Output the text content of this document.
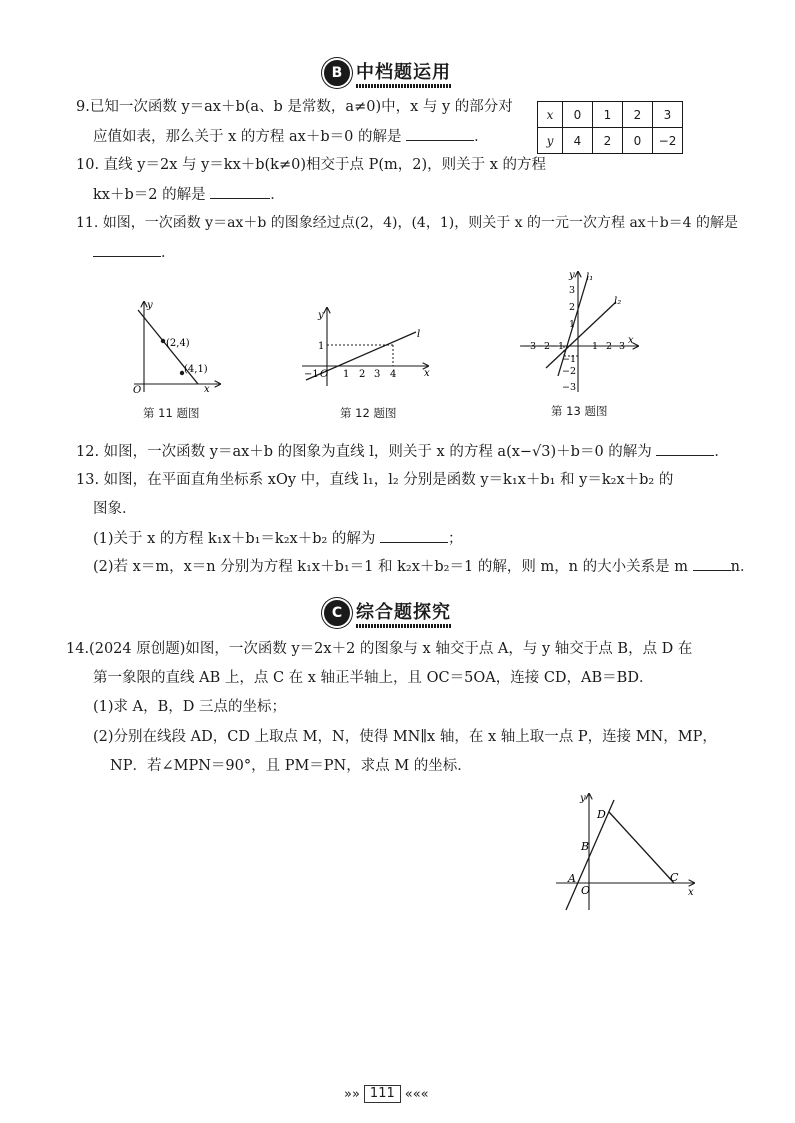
B 中档题运用
9.已知一次函数 y＝ax＋b(a、b 是常数，a≠0)中，x 与 y 的部分对
应值如表，那么关于 x 的方程 ax＋b＝0 的解是	．
x	0	1	2	3
y	4	2	0	−2
10. 直线 y＝2x 与 y＝kx＋b(k≠0)相交于点 P(m，2)，则关于 x 的方程
kx＋b＝2 的解是	．
11. 如图，一次函数 y＝ax＋b 的图象经过点(2，4)，(4，1)，则关于 x 的一元一次方程 ax＋b＝4 的解是
．
y
x
O
(2,4)
(4,1)
第 11 题图
y
x
l
1
−1 O 1 2 3 4
第 12 题图
y l₁
l₂
x
−3 −2 −1	1 2 3
3
2
1
−1
−2
−3
第 13 题图
12. 如图，一次函数 y＝ax＋b 的图象为直线 l，则关于 x 的方程 a(x−√3)＋b＝0 的解为	．
13. 如图，在平面直角坐标系 xOy 中，直线 l₁，l₂ 分别是函数 y＝k₁x＋b₁ 和 y＝k₂x＋b₂ 的
图象．
(1)关于 x 的方程 k₁x＋b₁＝k₂x＋b₂ 的解为	；
(2)若 x＝m，x＝n 分别为方程 k₁x＋b₁＝1 和 k₂x＋b₂＝1 的解，则 m，n 的大小关系是 m	n．
C 综合题探究
14.(2024 原创题)如图，一次函数 y＝2x＋2 的图象与 x 轴交于点 A，与 y 轴交于点 B，点 D 在
第一象限的直线 AB 上，点 C 在 x 轴正半轴上，且 OC＝5OA，连接 CD，AB＝BD．
(1)求 A，B，D 三点的坐标；
(2)分别在线段 AD，CD 上取点 M，N，使得 MN∥x 轴，在 x 轴上取一点 P，连接 MN，MP，
NP．若∠MPN＝90°，且 PM＝PN，求点 M 的坐标．
y
x
D
B
A
O
C
»» 111 «««
